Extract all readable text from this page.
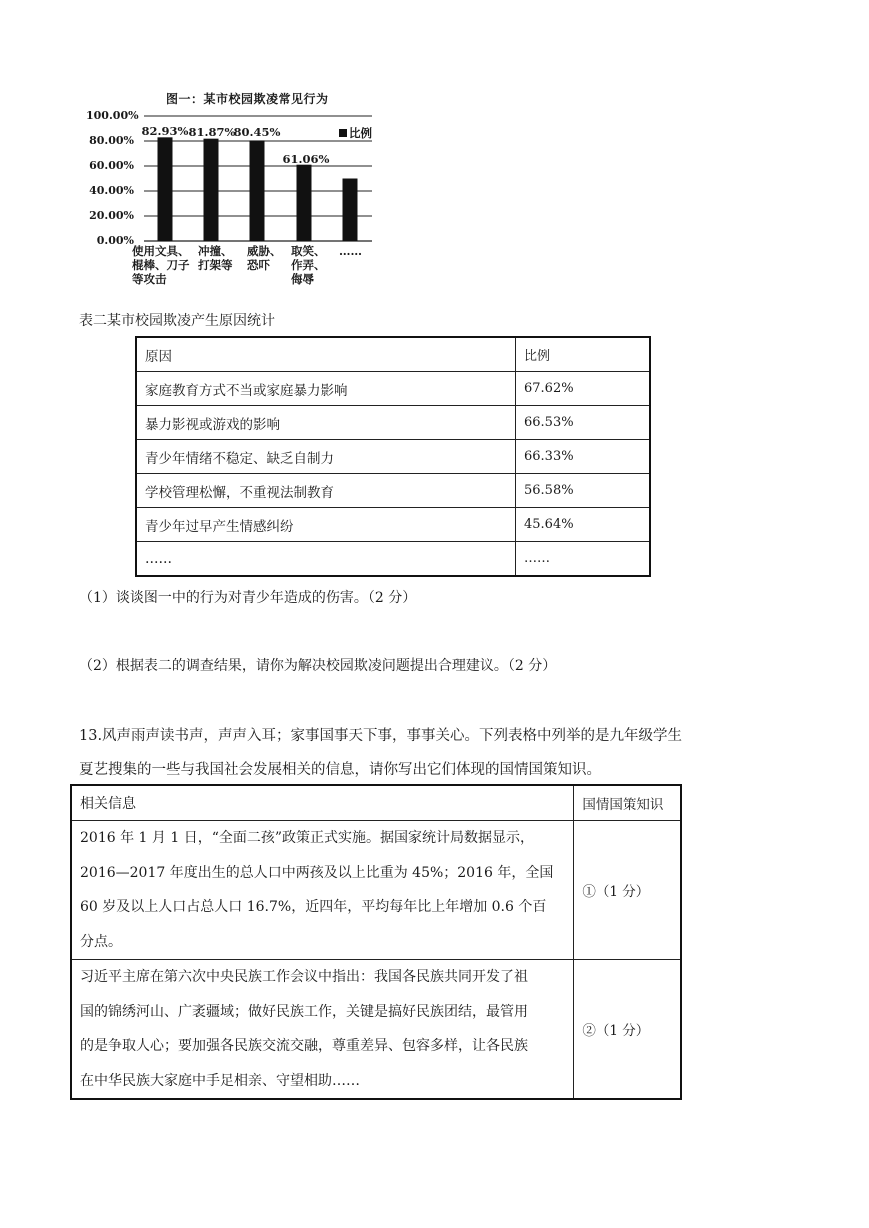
图一：某市校园欺凌常见行为
比例
100.00%
80.00%
60.00%
40.00%
20.00%
0.00%
82.93% 81.87%
80.45%
61.06%
使用文具、
棍棒、刀子
等攻击
冲撞、
打架等
威胁、
恐吓
取笑、
作弄、
侮辱
……
表二某市校园欺凌产生原因统计
原因	比例
家庭教育方式不当或家庭暴力影响	67.62%
暴力影视或游戏的影响	66.53%
青少年情绪不稳定、缺乏自制力	66.33%
学校管理松懈，不重视法制教育	56.58%
青少年过早产生情感纠纷	45.64%
……	……
（1）谈谈图一中的行为对青少年造成的伤害。（2 分）
（2）根据表二的调查结果，请你为解决校园欺凌问题提出合理建议。（2 分）
13.风声雨声读书声，声声入耳；家事国事天下事，事事关心。下列表格中列举的是九年级学生
夏艺搜集的一些与我国社会发展相关的信息，请你写出它们体现的国情国策知识。
相关信息	国情国策知识

2016 年 1 月 1 日，“全面二孩”政策正式实施。据国家统计局数据显示，
2016—2017 年度出生的总人口中两孩及以上比重为 45%；2016 年，全国
60 岁及以上人口占总人口 16.7%，近四年，平均每年比上年增加 0.6 个百
分点。	①（1 分）

习近平主席在第六次中央民族工作会议中指出：我国各民族共同开发了祖
国的锦绣河山、广袤疆域；做好民族工作，关键是搞好民族团结，最管用
的是争取人心；要加强各民族交流交融，尊重差异、包容多样，让各民族
在中华民族大家庭中手足相亲、守望相助……	②（1 分）
